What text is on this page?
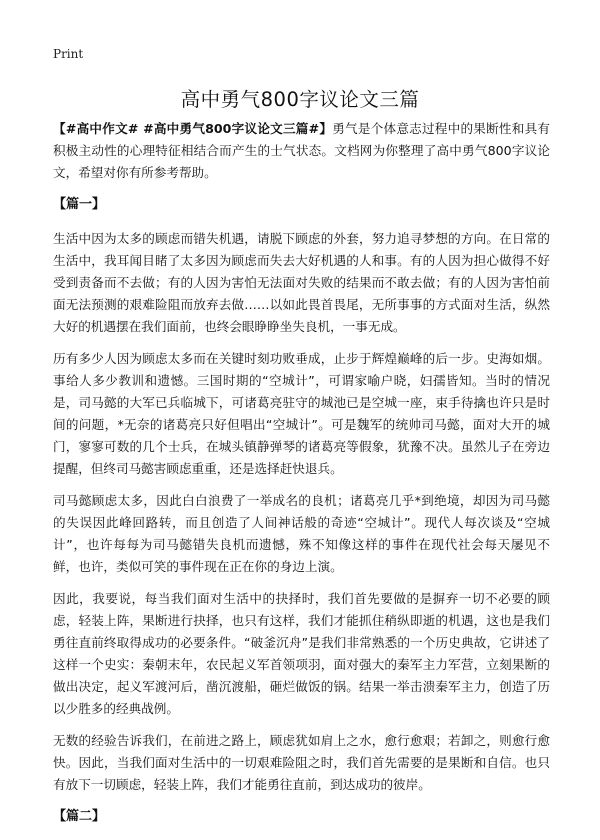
Print
高中勇气800字议论文三篇

【#高中作文# #高中勇气800字议论文三篇#】勇气是个体意志过程中的果断性和具有积极主动性的心理特征相结合而产生的士气状态。文档网为你整理了高中勇气800字议论文，希望对你有所参考帮助。

【篇一】

生活中因为太多的顾虑而错失机遇，请脱下顾虑的外套，努力追寻梦想的方向。在日常的生活中，我耳闻目睹了太多因为顾虑而失去大好机遇的人和事。有的人因为担心做得不好受到责备而不去做；有的人因为害怕无法面对失败的结果而不敢去做；有的人因为害怕前面无法预测的艰难险阻而放弃去做……以如此畏首畏尾，无所事事的方式面对生活，纵然大好的机遇摆在我们面前，也终会眼睁睁坐失良机，一事无成。

历有多少人因为顾虑太多而在关键时刻功败垂成，止步于辉煌巅峰的后一步。史海如烟。事给人多少教训和遗憾。三国时期的“空城计”，可谓家喻户晓，妇孺皆知。当时的情况是，司马懿的大军已兵临城下，可诸葛亮驻守的城池已是空城一座，束手待擒也许只是时间的问题，*无奈的诸葛亮只好但唱出“空城计”。可是魏军的统帅司马懿，面对大开的城门，寥寥可数的几个士兵，在城头镇静弹琴的诸葛亮等假象，犹豫不决。虽然儿子在旁边提醒，但终司马懿害顾虑重重，还是选择赶快退兵。

司马懿顾虑太多，因此白白浪费了一举成名的良机；诸葛亮几乎*到绝境，却因为司马懿的失误因此峰回路转，而且创造了人间神话般的奇迹“空城计”。现代人每次谈及“空城计”，也许每每为司马懿错失良机而遗憾，殊不知像这样的事件在现代社会每天屡见不鲜，也许，类似可笑的事件现在正在你的身边上演。

因此，我要说，每当我们面对生活中的抉择时，我们首先要做的是摒弃一切不必要的顾虑，轻装上阵，果断进行抉择，也只有这样，我们才能抓住稍纵即逝的机遇，这也是我们勇往直前终取得成功的必要条件。“破釜沉舟”是我们非常熟悉的一个历史典故，它讲述了这样一个史实：秦朝末年，农民起义军首领项羽，面对强大的秦军主力军营，立刻果断的做出决定，起义军渡河后，凿沉渡船，砸烂做饭的锅。结果一举击溃秦军主力，创造了历以少胜多的经典战例。

无数的经验告诉我们，在前进之路上，顾虑犹如肩上之水，愈行愈艰；若卸之，则愈行愈快。因此，当我们面对生活中的一切艰难险阻之时，我们首先需要的是果断和自信。也只有放下一切顾虑，轻装上阵，我们才能勇往直前，到达成功的彼岸。

【篇二】
